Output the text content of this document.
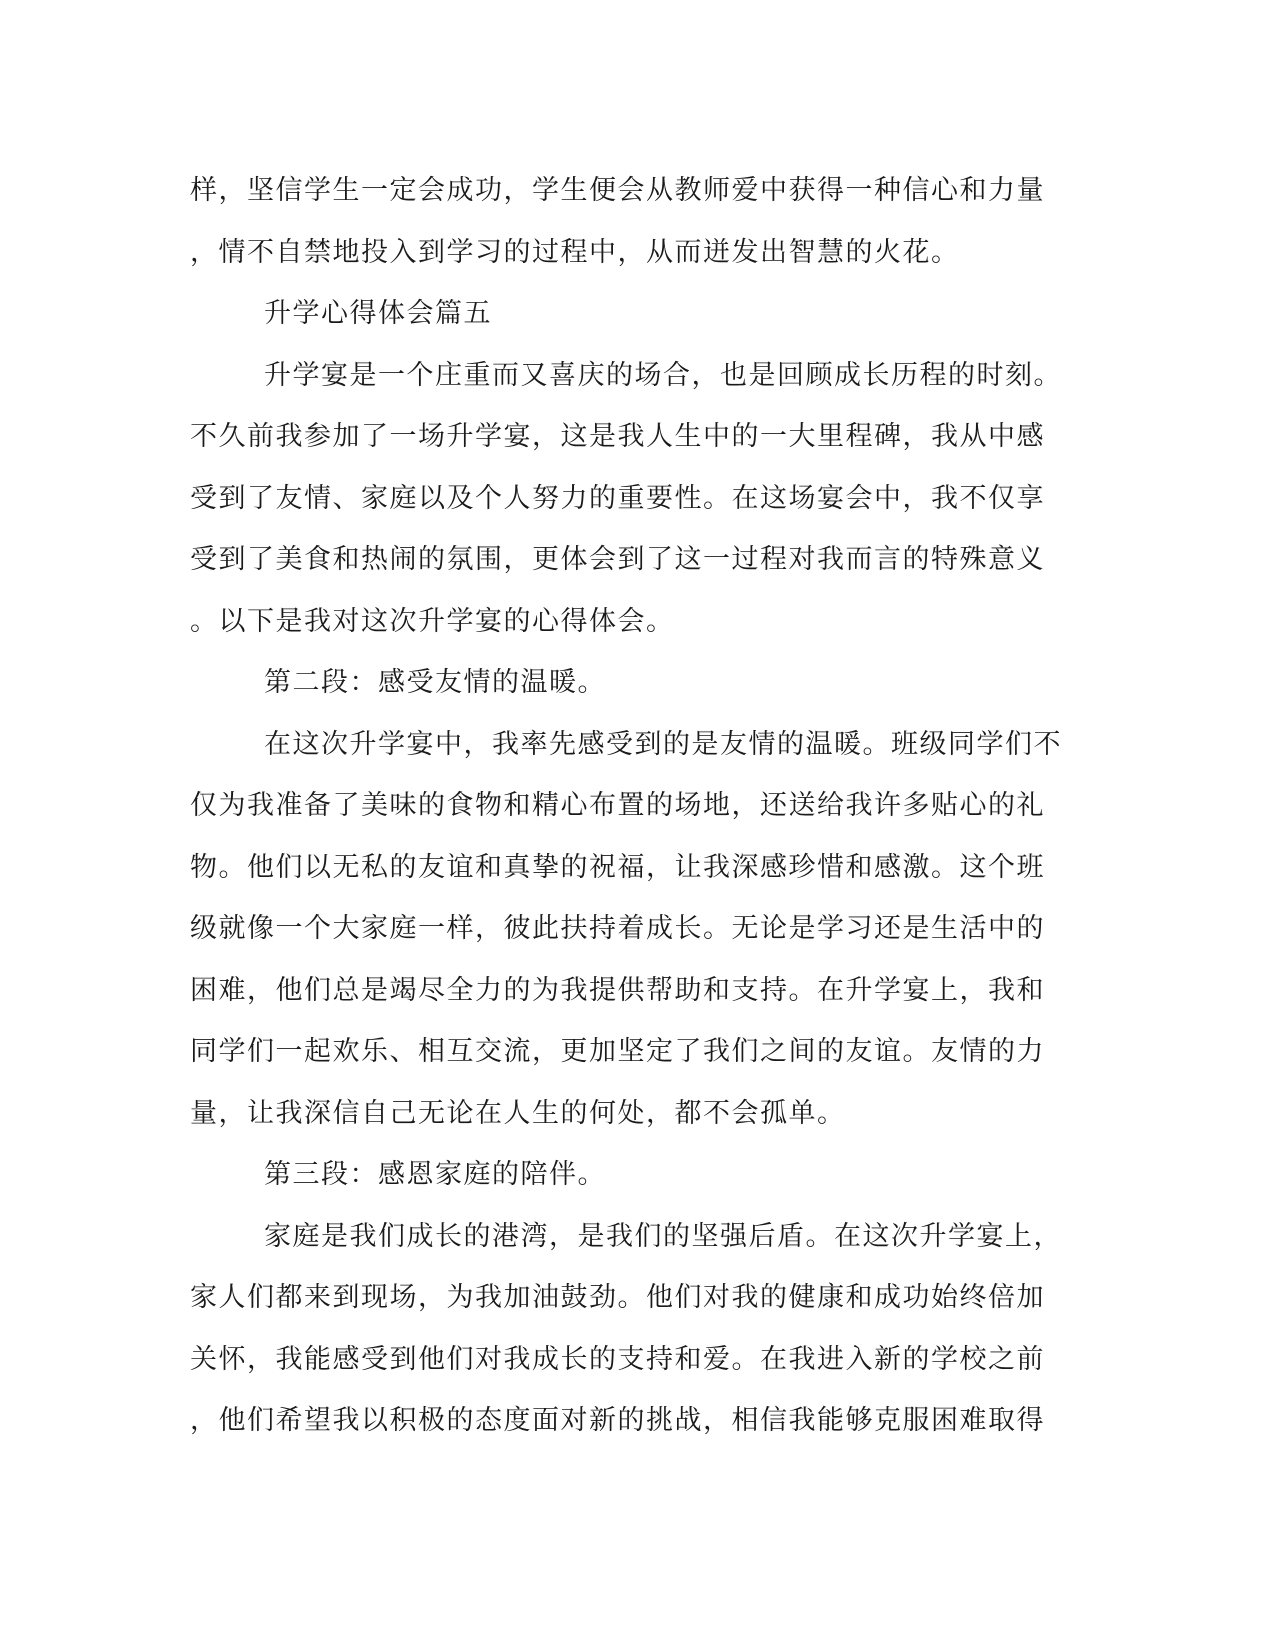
样，坚信学生一定会成功，学生便会从教师爱中获得一种信心和力量
，情不自禁地投入到学习的过程中，从而迸发出智慧的火花。
升学心得体会篇五
升学宴是一个庄重而又喜庆的场合，也是回顾成长历程的时刻。
不久前我参加了一场升学宴，这是我人生中的一大里程碑，我从中感
受到了友情、家庭以及个人努力的重要性。在这场宴会中，我不仅享
受到了美食和热闹的氛围，更体会到了这一过程对我而言的特殊意义
。以下是我对这次升学宴的心得体会。
第二段：感受友情的温暖。
在这次升学宴中，我率先感受到的是友情的温暖。班级同学们不
仅为我准备了美味的食物和精心布置的场地，还送给我许多贴心的礼
物。他们以无私的友谊和真挚的祝福，让我深感珍惜和感激。这个班
级就像一个大家庭一样，彼此扶持着成长。无论是学习还是生活中的
困难，他们总是竭尽全力的为我提供帮助和支持。在升学宴上，我和
同学们一起欢乐、相互交流，更加坚定了我们之间的友谊。友情的力
量，让我深信自己无论在人生的何处，都不会孤单。
第三段：感恩家庭的陪伴。
家庭是我们成长的港湾，是我们的坚强后盾。在这次升学宴上，
家人们都来到现场，为我加油鼓劲。他们对我的健康和成功始终倍加
关怀，我能感受到他们对我成长的支持和爱。在我进入新的学校之前
，他们希望我以积极的态度面对新的挑战，相信我能够克服困难取得
